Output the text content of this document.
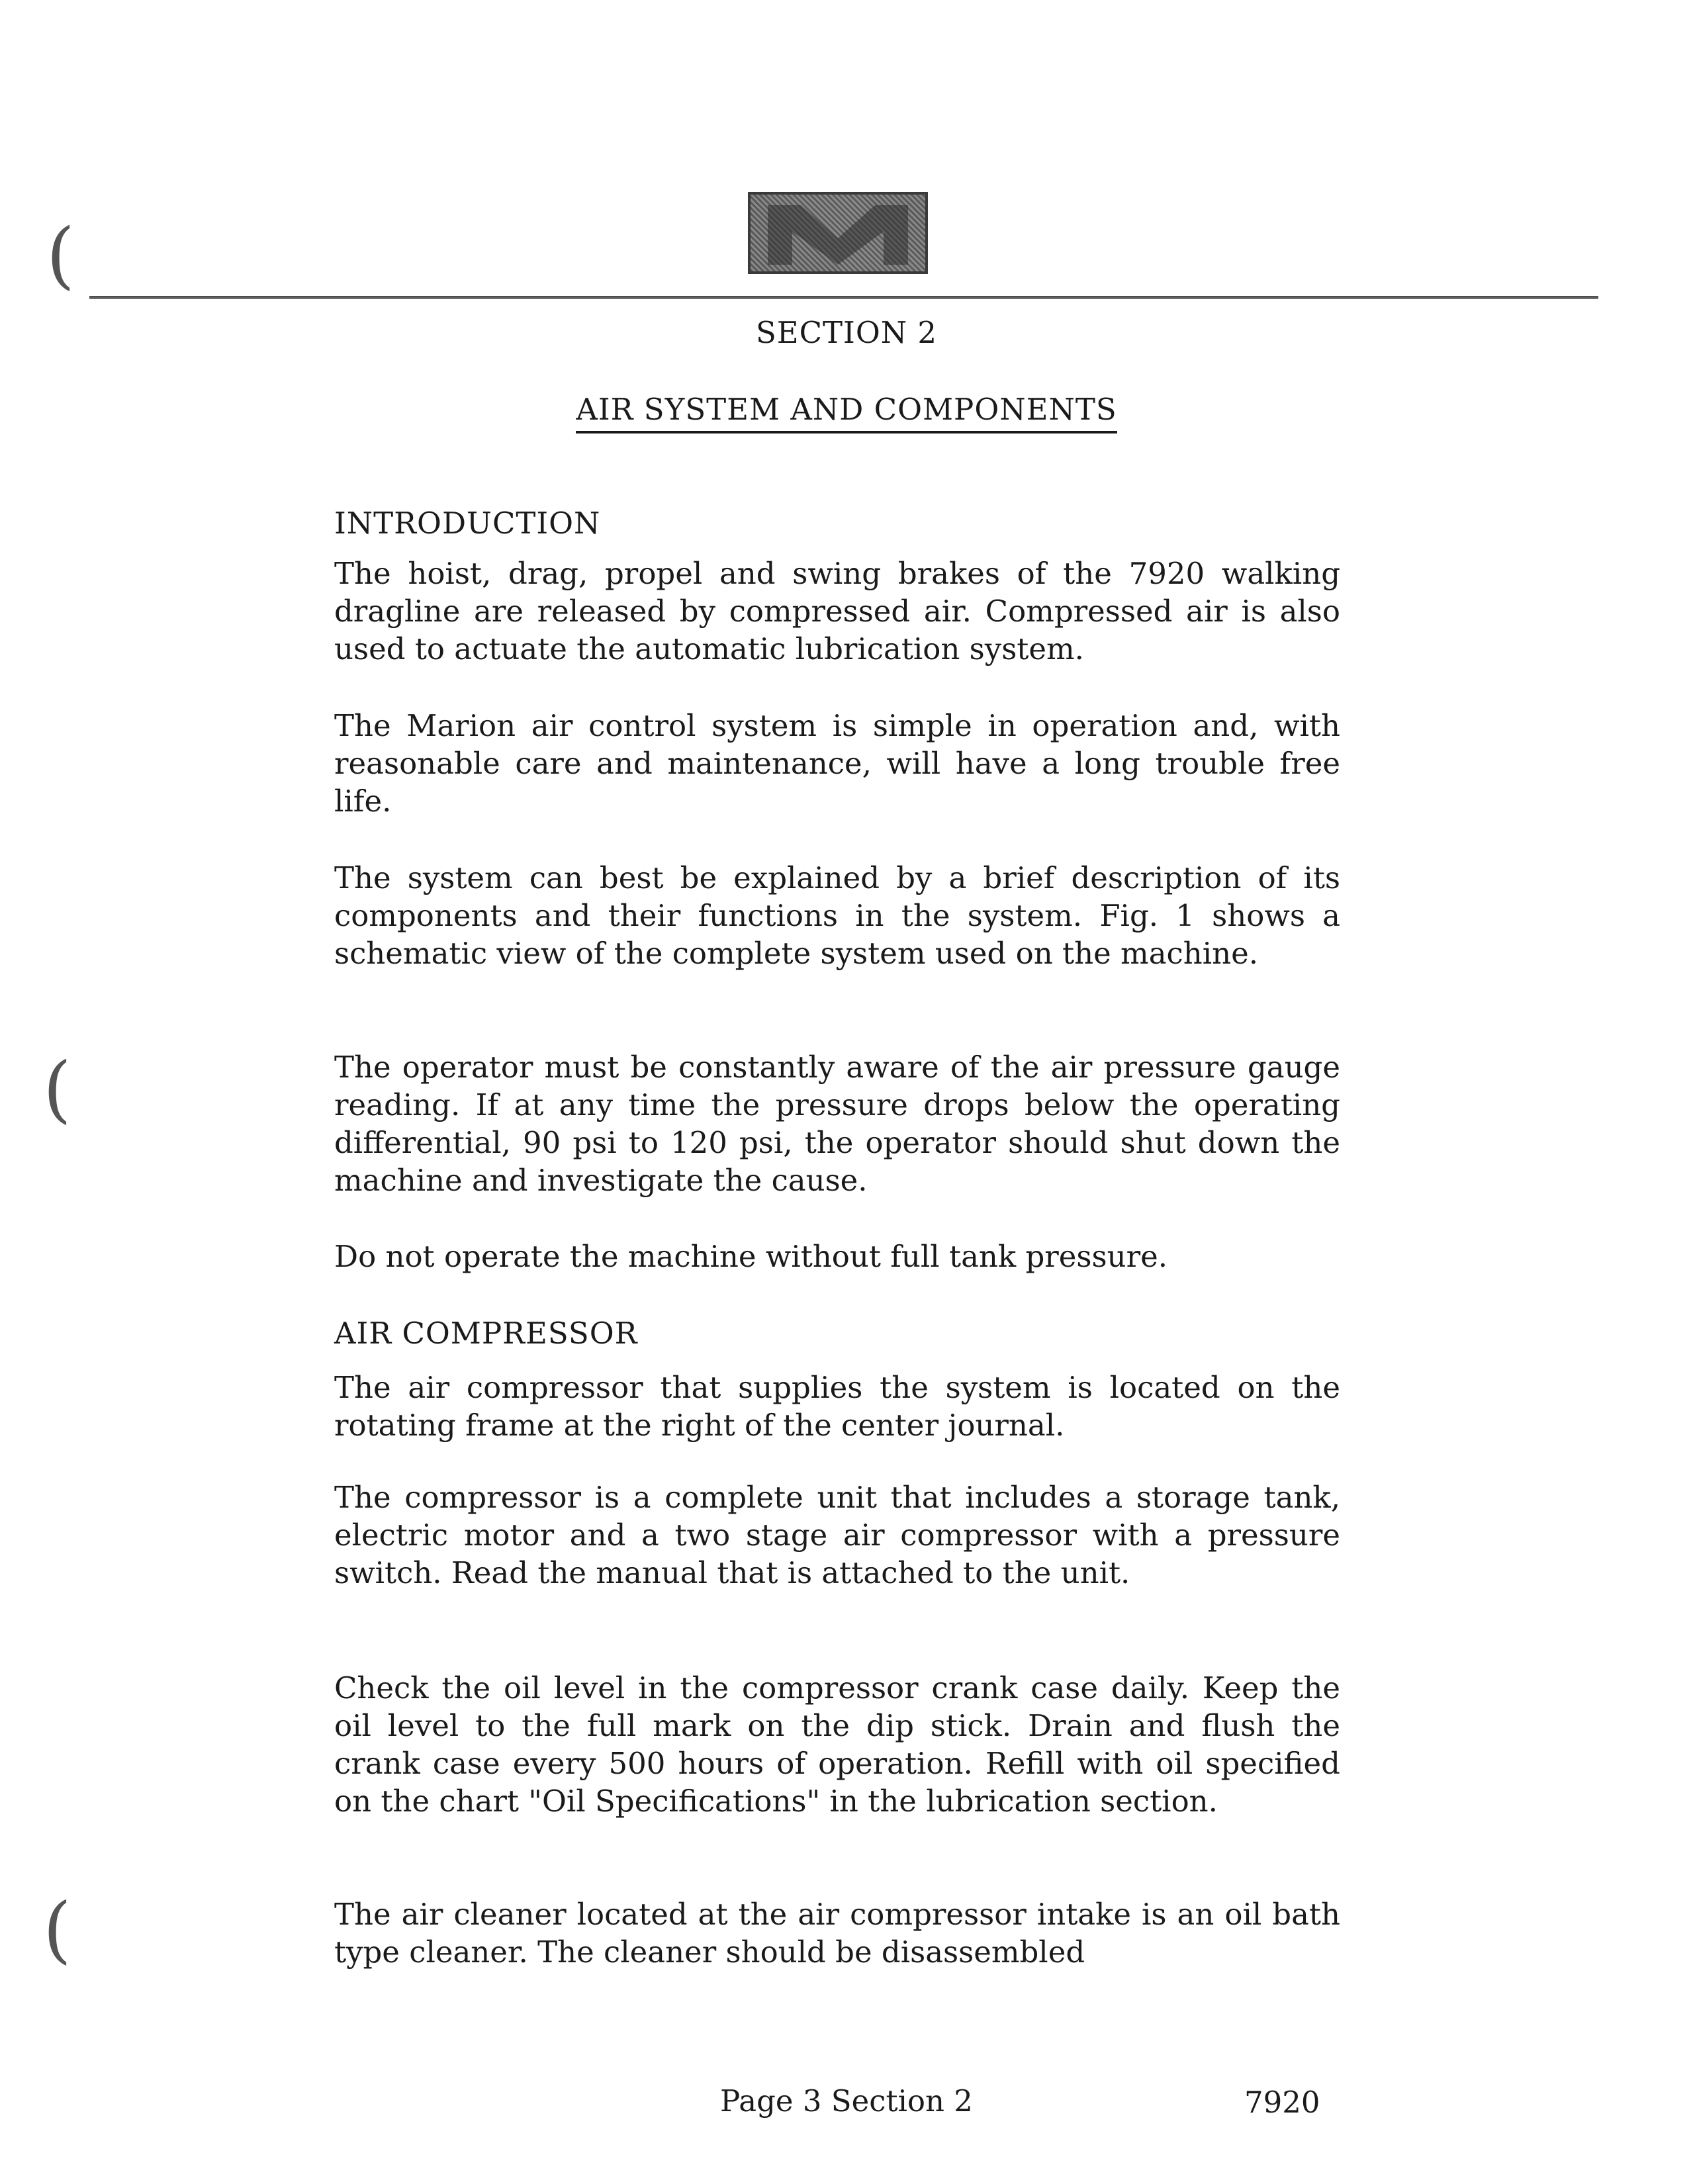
(
(
(
SECTION 2
AIR SYSTEM AND COMPONENTS
INTRODUCTION

The hoist, drag, propel and swing brakes of the 7920 walking dragline are released by compressed air. Compressed air is also used to actuate the automatic lubrication system.

The Marion air control system is simple in operation and, with reasonable care and maintenance, will have a long trouble free life.

The system can best be explained by a brief description of its components and their functions in the system. Fig. 1 shows a schematic view of the complete system used on the machine.

The operator must be constantly aware of the air pressure gauge reading. If at any time the pressure drops below the operating differential, 90 psi to 120 psi, the operator should shut down the machine and investigate the cause.

Do not operate the machine without full tank pressure.

AIR COMPRESSOR

The air compressor that supplies the system is located on the rotating frame at the right of the center journal.

The compressor is a complete unit that includes a storage tank, electric motor and a two stage air compressor with a pressure switch. Read the manual that is attached to the unit.

Check the oil level in the compressor crank case daily. Keep the oil level to the full mark on the dip stick. Drain and flush the crank case every 500 hours of operation. Refill with oil specified on the chart "Oil Specifications" in the lubrication section.

The air cleaner located at the air compressor intake is an oil bath type cleaner. The cleaner should be disassembled

Page 3 Section 2	7920
